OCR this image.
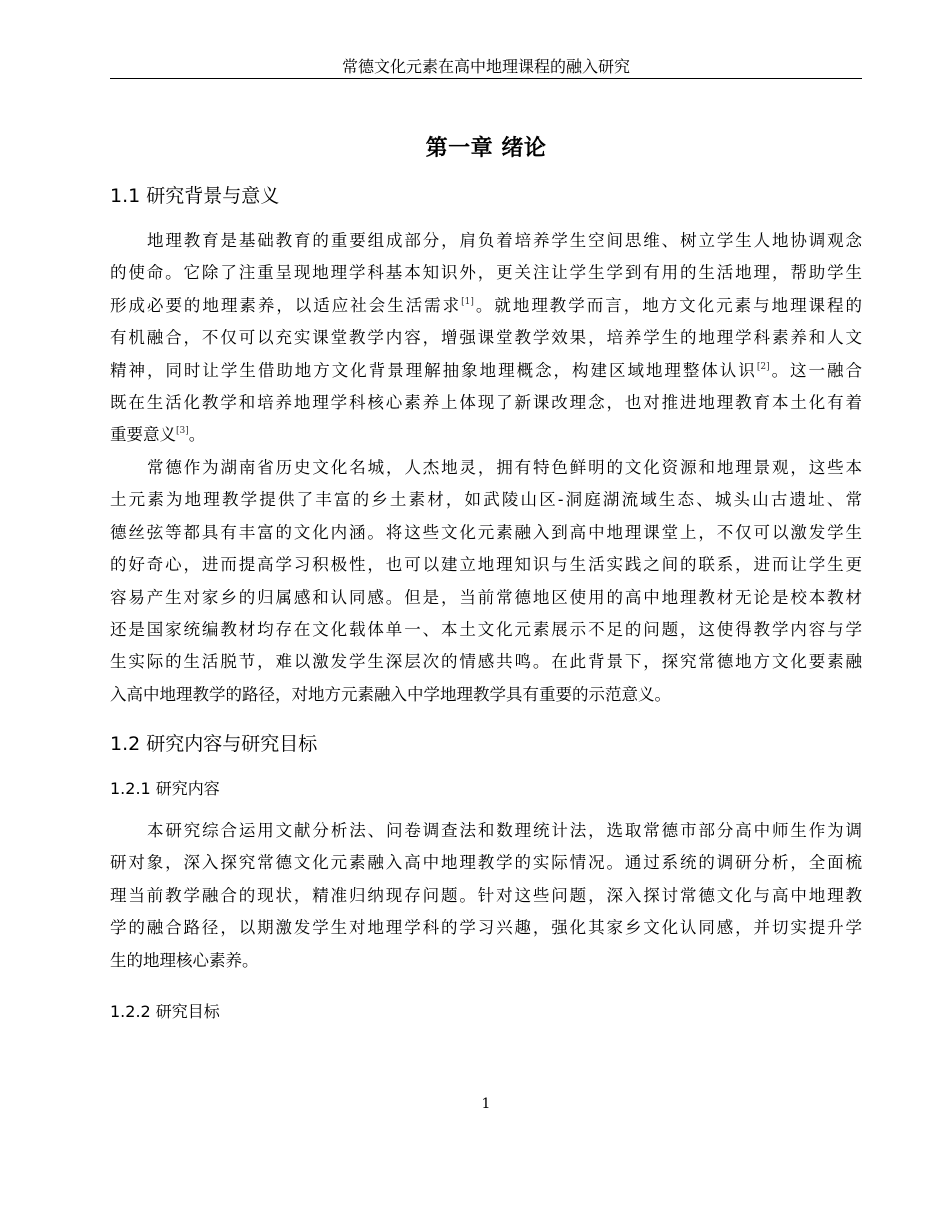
常德文化元素在高中地理课程的融入研究
第一章 绪论
1.1 研究背景与意义
地理教育是基础教育的重要组成部分，肩负着培养学生空间思维、树立学生人地协调观念
的使命。它除了注重呈现地理学科基本知识外，更关注让学生学到有用的生活地理，帮助学生
形成必要的地理素养，以适应社会生活需求[1]。就地理教学而言，地方文化元素与地理课程的
有机融合，不仅可以充实课堂教学内容，增强课堂教学效果，培养学生的地理学科素养和人文
精神，同时让学生借助地方文化背景理解抽象地理概念，构建区域地理整体认识[2]。这一融合
既在生活化教学和培养地理学科核心素养上体现了新课改理念，也对推进地理教育本土化有着
重要意义[3]。
常德作为湖南省历史文化名城，人杰地灵，拥有特色鲜明的文化资源和地理景观，这些本
土元素为地理教学提供了丰富的乡土素材，如武陵山区-洞庭湖流域生态、城头山古遗址、常
德丝弦等都具有丰富的文化内涵。将这些文化元素融入到高中地理课堂上，不仅可以激发学生
的好奇心，进而提高学习积极性，也可以建立地理知识与生活实践之间的联系，进而让学生更
容易产生对家乡的归属感和认同感。但是，当前常德地区使用的高中地理教材无论是校本教材
还是国家统编教材均存在文化载体单一、本土文化元素展示不足的问题，这使得教学内容与学
生实际的生活脱节，难以激发学生深层次的情感共鸣。在此背景下，探究常德地方文化要素融
入高中地理教学的路径，对地方元素融入中学地理教学具有重要的示范意义。
1.2 研究内容与研究目标
1.2.1 研究内容
本研究综合运用文献分析法、问卷调查法和数理统计法，选取常德市部分高中师生作为调
研对象，深入探究常德文化元素融入高中地理教学的实际情况。通过系统的调研分析，全面梳
理当前教学融合的现状，精准归纳现存问题。针对这些问题，深入探讨常德文化与高中地理教
学的融合路径，以期激发学生对地理学科的学习兴趣，强化其家乡文化认同感，并切实提升学
生的地理核心素养。
1.2.2 研究目标
1
